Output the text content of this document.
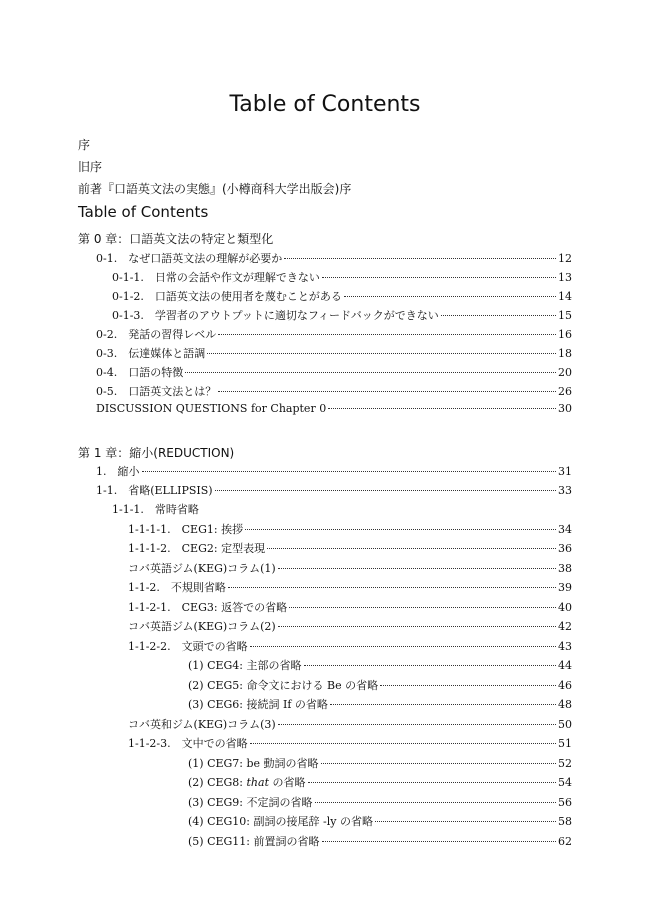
Table of Contents
序
旧序
前著『口語英文法の実態』(小樽商科大学出版会)序
Table of Contents
第 0 章：口語英文法の特定と類型化
0-1.　なぜ口語英文法の理解が必要か	12
0-1-1.　日常の会話や作文が理解できない	13
0-1-2.　口語英文法の使用者を蔑むことがある	14
0-1-3.　学習者のアウトプットに適切なフィードバックができない	15
0-2.　発話の習得レベル	16
0-3.　伝達媒体と語調	18
0-4.　口語の特徴	20
0-5.　口語英文法とは？	26
DISCUSSION QUESTIONS for Chapter 0	30
第 1 章：縮小(REDUCTION)
1.　縮小	31
1-1.　省略(ELLIPSIS)	33
1-1-1.　常時省略
1-1-1-1.　CEG1: 挨拶	34
1-1-1-2.　CEG2: 定型表現	36
コバ英語ジム(KEG)コラム(1)	38
1-1-2.　不規則省略	39
1-1-2-1.　CEG3: 返答での省略	40
コバ英語ジム(KEG)コラム(2)	42
1-1-2-2.　文頭での省略	43
(1) CEG4: 主部の省略	44
(2) CEG5: 命令文における Be の省略	46
(3) CEG6: 接続詞 If の省略	48
コバ英和ジム(KEG)コラム(3)	50
1-1-2-3.　文中での省略	51
(1) CEG7: be 動詞の省略	52
(2) CEG8: that の省略	54
(3) CEG9: 不定詞の省略	56
(4) CEG10: 副詞の接尾辞 -ly の省略	58
(5) CEG11: 前置詞の省略	62
